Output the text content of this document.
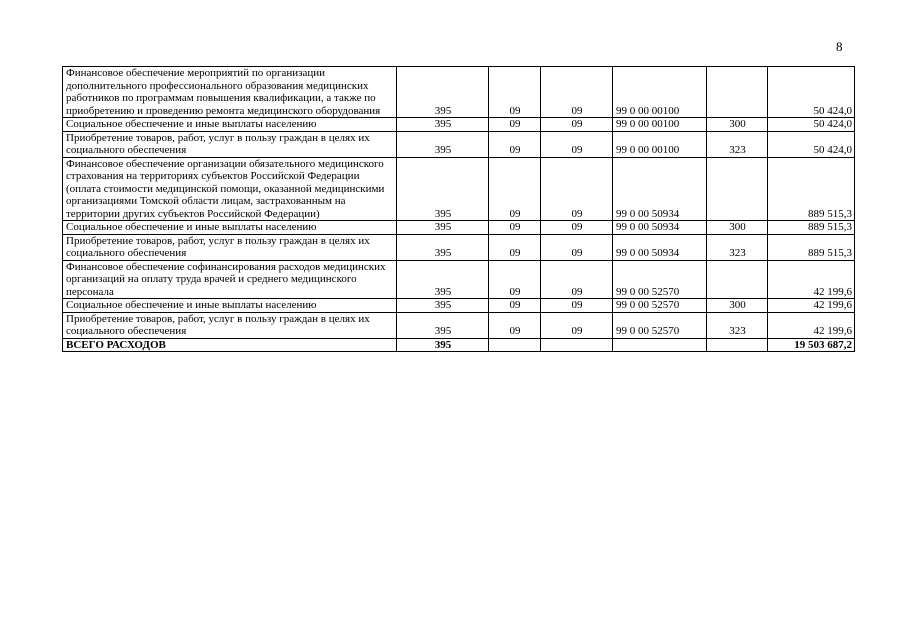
8
Финансовое обеспечение мероприятий по организации дополнительного профессионального образования медицинских работников по программам повышения квалификации, а также по приобретению и проведению ремонта медицинского оборудования	395	09	09	99 0 00 00100		50 424,0
Социальное обеспечение и иные выплаты населению	395	09	09	99 0 00 00100	300	50 424,0
Приобретение товаров, работ, услуг в пользу граждан в целях их социального обеспечения	395	09	09	99 0 00 00100	323	50 424,0
Финансовое обеспечение организации обязательного медицинского страхования на территориях субъектов Российской Федерации (оплата стоимости медицинской помощи, оказанной медицинскими организациями Томской области лицам, застрахованным на территории других субъектов Российской Федерации)	395	09	09	99 0 00 50934		889 515,3
Социальное обеспечение и иные выплаты населению	395	09	09	99 0 00 50934	300	889 515,3
Приобретение товаров, работ, услуг в пользу граждан в целях их социального обеспечения	395	09	09	99 0 00 50934	323	889 515,3
Финансовое обеспечение софинансирования расходов медицинских организаций на оплату труда врачей и среднего медицинского персонала	395	09	09	99 0 00 52570		42 199,6
Социальное обеспечение и иные выплаты населению	395	09	09	99 0 00 52570	300	42 199,6
Приобретение товаров, работ, услуг в пользу граждан в целях их социального обеспечения	395	09	09	99 0 00 52570	323	42 199,6
ВСЕГО РАСХОДОВ	395					19 503 687,2
